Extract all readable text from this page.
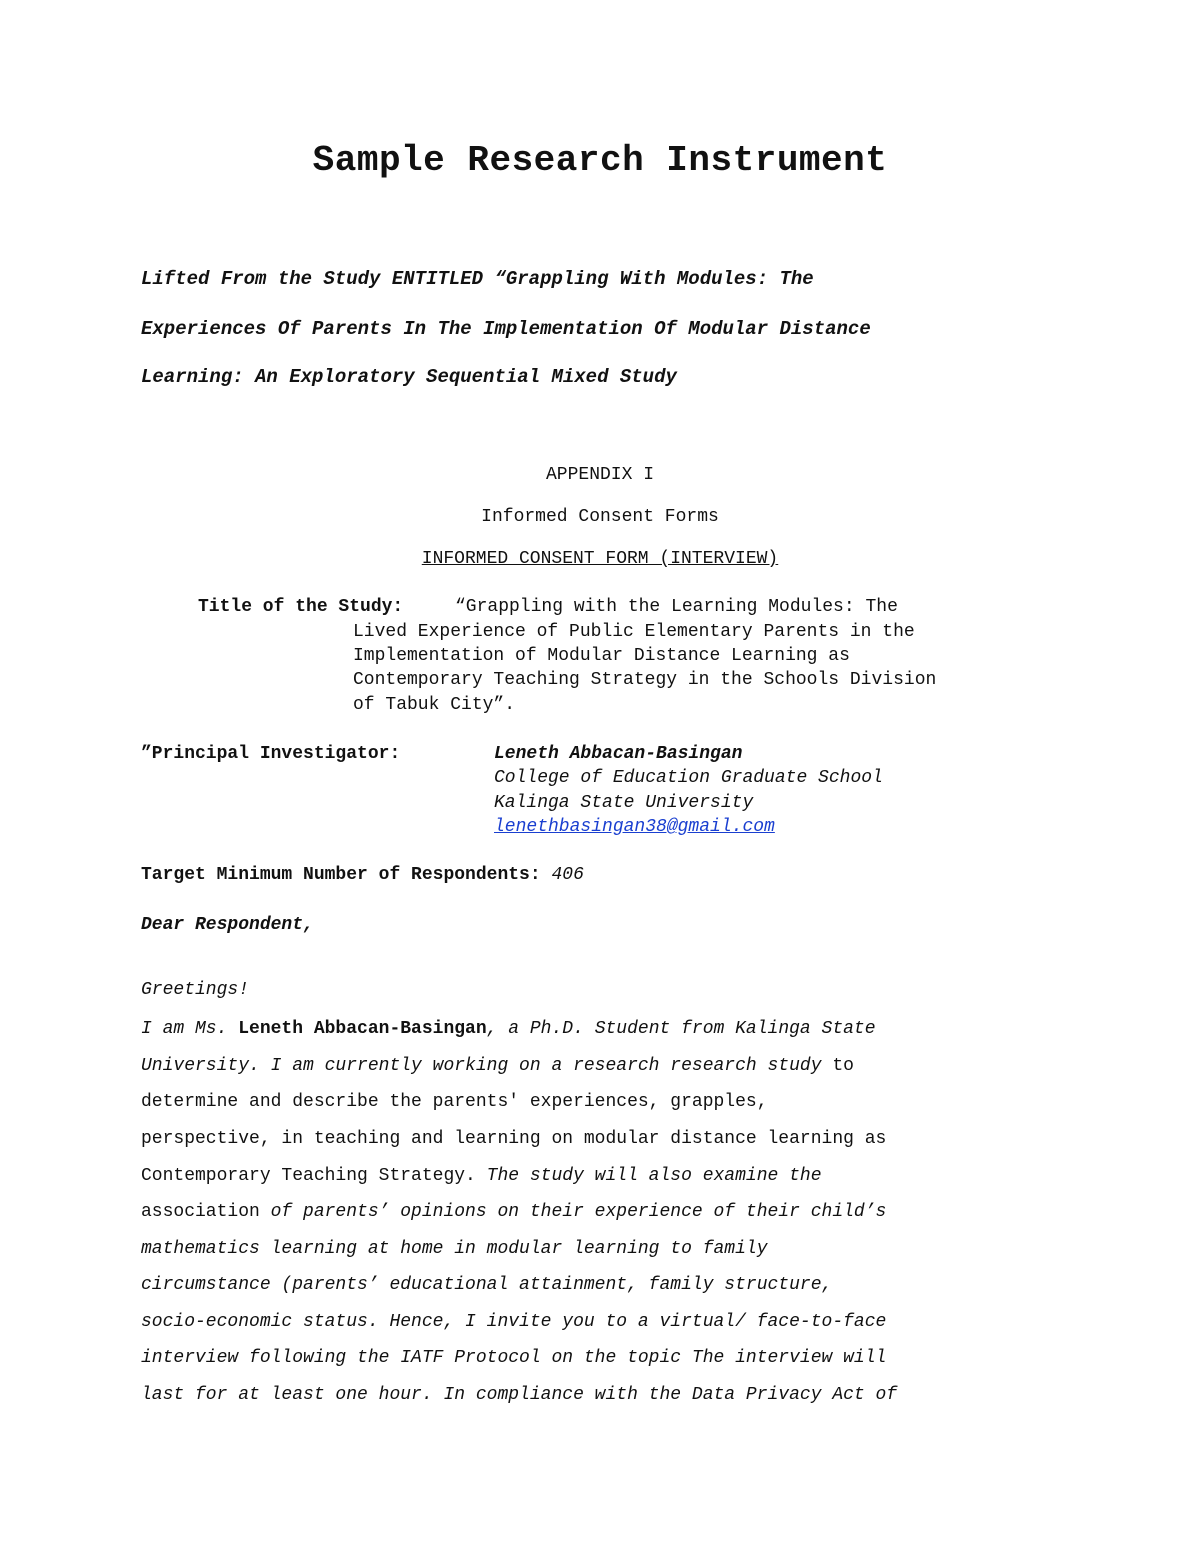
Sample Research Instrument
Lifted From the Study ENTITLED “Grappling With Modules: The
Experiences Of Parents In The Implementation Of Modular Distance
Learning: An Exploratory Sequential Mixed Study
APPENDIX I
Informed Consent Forms
INFORMED CONSENT FORM (INTERVIEW)
Title of the Study:	“Grappling with the Learning Modules: The
Lived Experience of Public Elementary Parents in the
Implementation of Modular Distance Learning as
Contemporary Teaching Strategy in the Schools Division
of Tabuk City”.
”Principal Investigator:	Leneth Abbacan-Basingan
College of Education Graduate School
Kalinga State University
lenethbasingan38@gmail.com
Target Minimum Number of Respondents: 406
Dear Respondent,
Greetings!
I am Ms. Leneth Abbacan-Basingan, a Ph.D. Student from Kalinga State
University. I am currently working on a research research study to
determine and describe the parents' experiences, grapples,
perspective, in teaching and learning on modular distance learning as
Contemporary Teaching Strategy. The study will also examine the
association of parents’ opinions on their experience of their child’s
mathematics learning at home in modular learning to family
circumstance (parents’ educational attainment, family structure,
socio-economic status. Hence, I invite you to a virtual/ face-to-face
interview following the IATF Protocol on the topic The interview will
last for at least one hour. In compliance with the Data Privacy Act of
